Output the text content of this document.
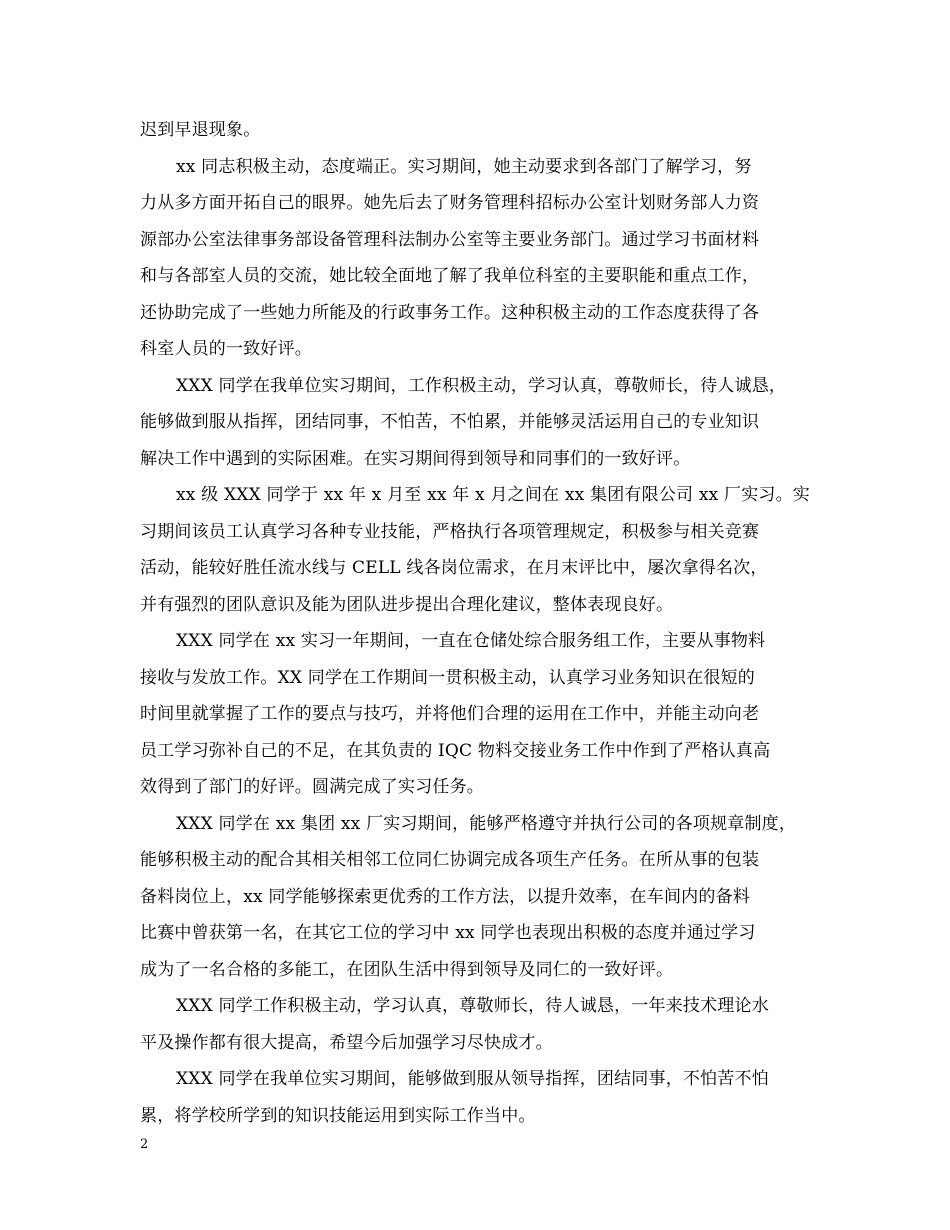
迟到早退现象。
xx 同志积极主动，态度端正。实习期间，她主动要求到各部门了解学习，努
力从多方面开拓自己的眼界。她先后去了财务管理科招标办公室计划财务部人力资
源部办公室法律事务部设备管理科法制办公室等主要业务部门。通过学习书面材料
和与各部室人员的交流，她比较全面地了解了我单位科室的主要职能和重点工作，
还协助完成了一些她力所能及的行政事务工作。这种积极主动的工作态度获得了各
科室人员的一致好评。
XXX 同学在我单位实习期间，工作积极主动，学习认真，尊敬师长，待人诚恳，
能够做到服从指挥，团结同事，不怕苦，不怕累，并能够灵活运用自己的专业知识
解决工作中遇到的实际困难。在实习期间得到领导和同事们的一致好评。
xx 级 XXX 同学于 xx 年 x 月至 xx 年 x 月之间在 xx 集团有限公司 xx 厂实习。实
习期间该员工认真学习各种专业技能，严格执行各项管理规定，积极参与相关竞赛
活动，能较好胜任流水线与 CELL 线各岗位需求，在月末评比中，屡次拿得名次，
并有强烈的团队意识及能为团队进步提出合理化建议，整体表现良好。
XXX 同学在 xx 实习一年期间，一直在仓储处综合服务组工作，主要从事物料
接收与发放工作。XX 同学在工作期间一贯积极主动，认真学习业务知识在很短的
时间里就掌握了工作的要点与技巧，并将他们合理的运用在工作中，并能主动向老
员工学习弥补自己的不足，在其负责的 IQC 物料交接业务工作中作到了严格认真高
效得到了部门的好评。圆满完成了实习任务。
XXX 同学在 xx 集团 xx 厂实习期间，能够严格遵守并执行公司的各项规章制度，
能够积极主动的配合其相关相邻工位同仁协调完成各项生产任务。在所从事的包装
备料岗位上，xx 同学能够探索更优秀的工作方法，以提升效率，在车间内的备料
比赛中曾获第一名，在其它工位的学习中 xx 同学也表现出积极的态度并通过学习
成为了一名合格的多能工，在团队生活中得到领导及同仁的一致好评。
XXX 同学工作积极主动，学习认真，尊敬师长，待人诚恳，一年来技术理论水
平及操作都有很大提高，希望今后加强学习尽快成才。
XXX 同学在我单位实习期间，能够做到服从领导指挥，团结同事，不怕苦不怕
累，将学校所学到的知识技能运用到实际工作当中。
2
